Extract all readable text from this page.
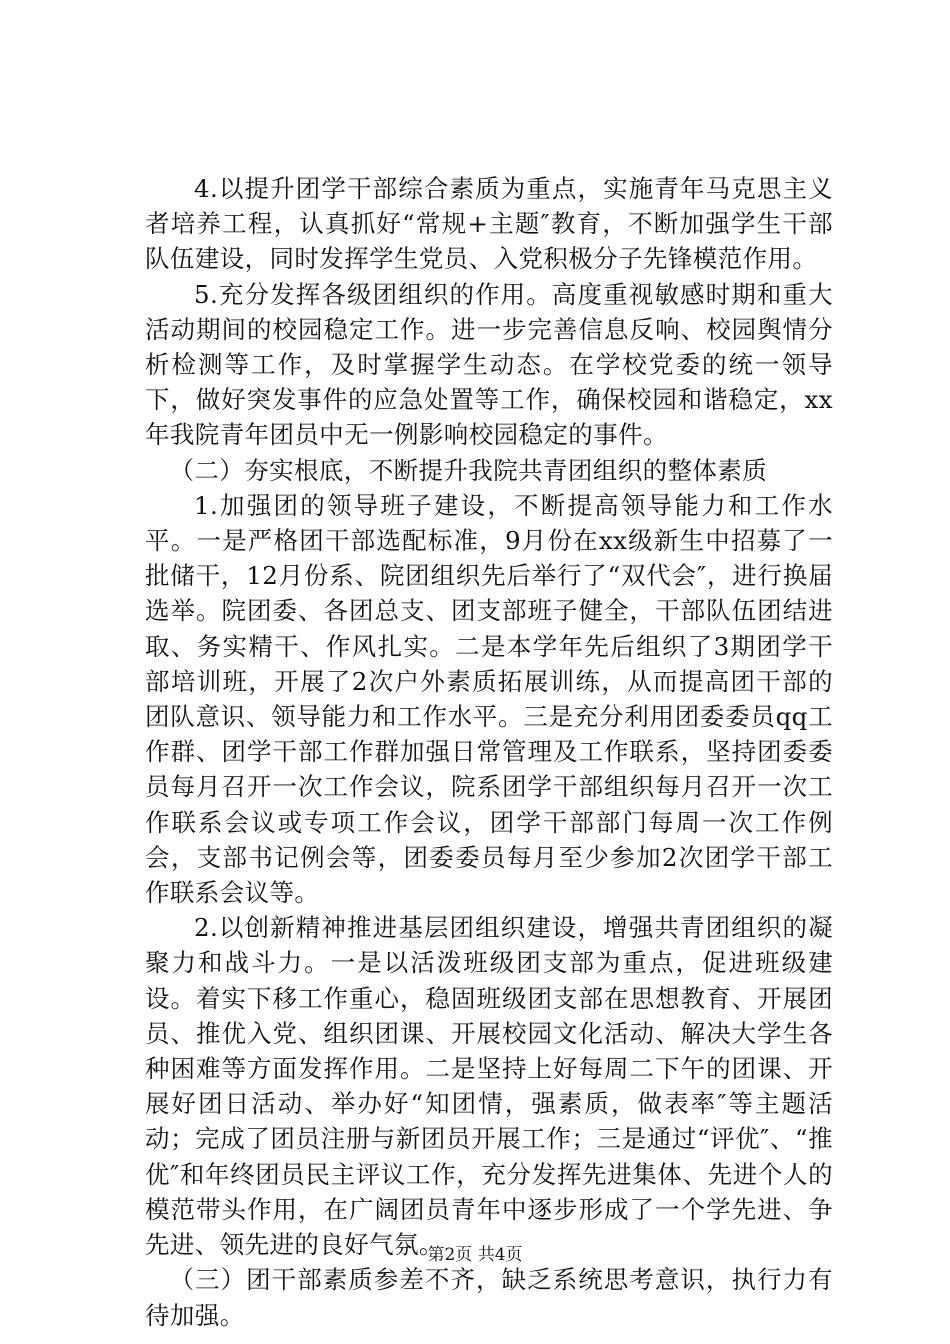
4.以提升团学干部综合素质为重点，实施青年马克思主义者培养工程，认真抓好“常规+主题″教育，不断加强学生干部队伍建设，同时发挥学生党员、入党积极分子先锋模范作用。

5.充分发挥各级团组织的作用。高度重视敏感时期和重大活动期间的校园稳定工作。进一步完善信息反响、校园舆情分析检测等工作，及时掌握学生动态。在学校党委的统一领导下，做好突发事件的应急处置等工作，确保校园和谐稳定，xx年我院青年团员中无一例影响校园稳定的事件。

（二）夯实根底，不断提升我院共青团组织的整体素质

1.加强团的领导班子建设，不断提高领导能力和工作水平。一是严格团干部选配标准，9月份在xx级新生中招募了一批储干，12月份系、院团组织先后举行了“双代会″，进行换届选举。院团委、各团总支、团支部班子健全，干部队伍团结进取、务实精干、作风扎实。二是本学年先后组织了3期团学干部培训班，开展了2次户外素质拓展训练，从而提高团干部的团队意识、领导能力和工作水平。三是充分利用团委委员qq工作群、团学干部工作群加强日常管理及工作联系，坚持团委委员每月召开一次工作会议，院系团学干部组织每月召开一次工作联系会议或专项工作会议，团学干部部门每周一次工作例会，支部书记例会等，团委委员每月至少参加2次团学干部工作联系会议等。

2.以创新精神推进基层团组织建设，增强共青团组织的凝聚力和战斗力。一是以活泼班级团支部为重点，促进班级建设。着实下移工作重心，稳固班级团支部在思想教育、开展团员、推优入党、组织团课、开展校园文化活动、解决大学生各种困难等方面发挥作用。二是坚持上好每周二下午的团课、开展好团日活动、举办好“知团情，强素质，做表率″等主题活动；完成了团员注册与新团员开展工作；三是通过“评优″、“推优″和年终团员民主评议工作，充分发挥先进集体、先进个人的模范带头作用，在广阔团员青年中逐步形成了一个学先进、争先进、领先进的良好气氛。

（三）团干部素质参差不齐，缺乏系统思考意识，执行力有待加强。

第2页 共4页
